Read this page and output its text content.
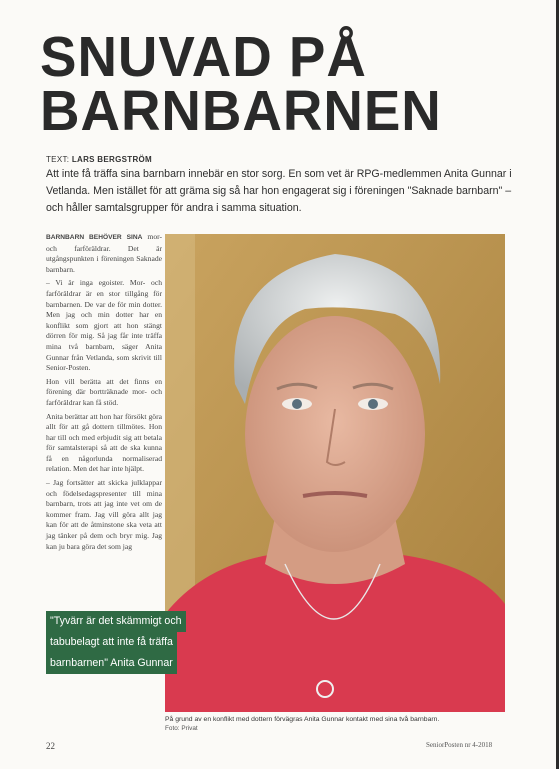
SNUVAD PÅ
BARNBARNEN
TEXT: LARS BERGSTRÖM
Att inte få träffa sina barnbarn innebär en stor sorg. En som vet är RPG-medlemmen Anita Gunnar i Vetlanda. Men istället för att gräma sig så har hon engagerat sig i föreningen "Saknade barnbarn" – och håller samtalsgrupper för andra i samma situation.

BARNBARN BEHÖVER SINA mor- och farföräldrar. Det är utgångspunkten i föreningen Saknade barnbarn.

– Vi är inga egoister. Mor- och farföräldrar är en stor tillgång för barnbarnen. De var de för min dotter. Men jag och min dotter har en konflikt som gjort att hon stängt dörren för mig. Så jag får inte träffa mina två barnbarn, säger Anita Gunnar från Vetlanda, som skrivit till Senior-Posten.

Hon vill berätta att det finns en förening där bortträknade mor- och farföräldrar kan få stöd.

Anita berättar att hon har försökt göra allt för att gå dottern tillmötes. Hon har till och med erbjudit sig att betala för samtalsterapi så att de ska kunna få en någorlunda normaliserad relation. Men det har inte hjälpt.

– Jag fortsätter att skicka julklappar och födelsedagspresenter till mina barnbarn, trots att jag inte vet om de kommer fram. Jag vill göra allt jag kan för att de åtminstone ska veta att jag tänker på dem och bryr mig. Jag kan ju bara göra det som jag

"Tyvärr är det skämmigt och
tabubelagt att inte få träffa
barnbarnen" Anita Gunnar
På grund av en konflikt med dottern förvägras Anita Gunnar kontakt med sina två barnbarn.
Foto: Privat
22	SeniorPosten nr 4-2018
